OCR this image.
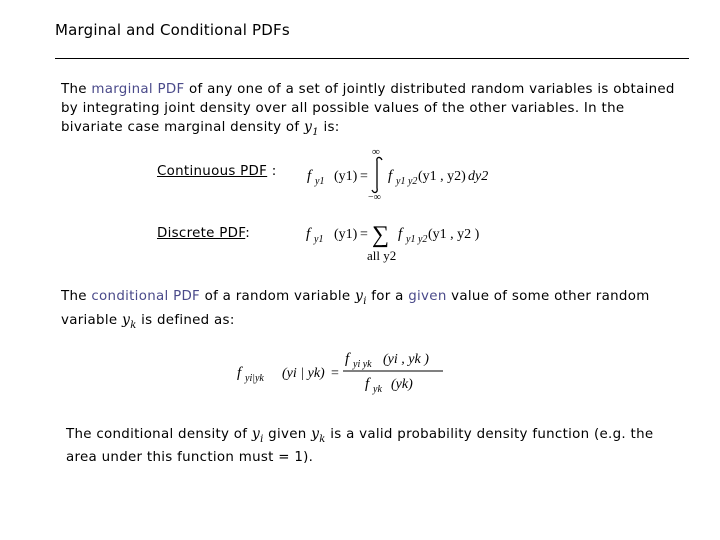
Marginal and Conditional PDFs
The marginal PDF of any one of a set of jointly distributed random variables is obtained
by integrating joint density over all possible values of the other variables. In the
bivariate case marginal density of $y_1$ is:
Continuous PDF : f y1 (y1) =
∞
−∞
f y1 y2 (y1 , y2) dy2
Discrete PDF:	f y1 (y1) = ∑
all y2
f y1 y2 (y1 , y2 )
The conditional PDF of a random variable $y_i$ for a given value of some other random
variable $y_k$ is defined as:
f yi|yk (yi | yk) =
f yi yk (yi , yk )
f yk (yk)
The conditional density of $y_i$ given $y_k$ is a valid probability density function (e.g. the
area under this function must = 1).
